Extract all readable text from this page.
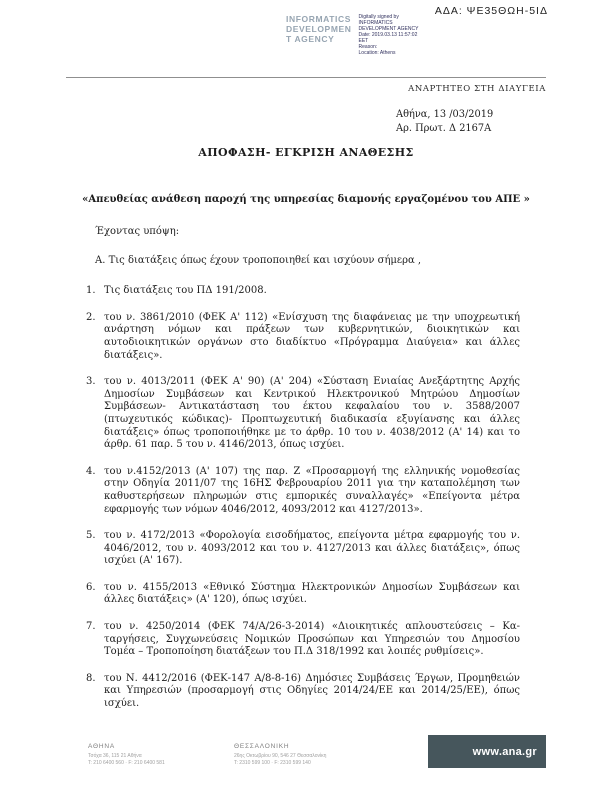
ΑΔΑ: ΨΕ35ΘΩΗ-5ΙΔ
INFORMATICS
DEVELOPMEN
T AGENCY
Digitally signed by
INFORMATICS
DEVELOPMENT AGENCY
Date: 2019.03.13 11:57:02
EET
Reason:
Location: Athens
ΑΝΑΡΤΗΤΕΟ ΣΤΗ ΔΙΑΥΓΕΙΑ
Αθήνα, 13 /03/2019
Αρ. Πρωτ. Δ 2167Α
ΑΠΟΦΑΣΗ- ΕΓΚΡΙΣΗ ΑΝΑΘΕΣΗΣ
«Απευθείας ανάθεση παροχή της υπηρεσίας διαμονής εργαζομένου του ΑΠΕ »

Έχοντας υπόψη:

Α. Τις διατάξεις όπως έχουν τροποποιηθεί και ισχύουν σήμερα ,

1. Τις διατάξεις του ΠΔ 191/2008.
2. του ν. 3861/2010 (ΦΕΚ Α' 112) «Ενίσχυση της διαφάνειας με την υποχρεωτική ανάρτηση νόμων και πράξεων των κυβερνητικών, διοικητικών και αυτοδιοικητικών οργάνων στο διαδίκτυο «Πρόγραμμα Διαύγεια» και άλλες διατάξεις».
3. του ν. 4013/2011 (ΦΕΚ Α' 90) (Α' 204) «Σύσταση Ενιαίας Ανεξάρτητης Αρχής Δημοσίων Συμβάσεων και Κεντρικού Ηλεκτρονικού Μητρώου Δημοσίων Συμβάσεων- Αντικατάσταση του έκτου κεφαλαίου του ν. 3588/2007 (πτωχευτικός κώδικας)- Προπτωχευτική διαδικασία εξυγίανσης και άλλες διατάξεις» όπως τροποποιήθηκε με το άρθρ. 10 του ν. 4038/2012 (Α' 14) και το άρθρ. 61 παρ. 5 του ν. 4146/2013, όπως ισχύει.
4. του ν.4152/2013 (Α' 107) της παρ. Ζ «Προσαρμογή της ελληνικής νομοθεσίας στην Οδηγία 2011/07 της 16ΗΣ Φεβρουαρίου 2011 για την καταπολέμηση των καθυστερήσεων πληρωμών στις εμπορικές συναλλαγές» «Επείγοντα μέτρα εφαρμογής των νόμων 4046/2012, 4093/2012 και 4127/2013».
5. του ν. 4172/2013 «Φορολογία εισοδήματος, επείγοντα μέτρα εφαρμογής του ν. 4046/2012, του ν. 4093/2012 και του ν. 4127/2013 και άλλες διατάξεις», όπως ισχύει (Α' 167).
6. του ν. 4155/2013 «Εθνικό Σύστημα Ηλεκτρονικών Δημοσίων Συμβάσεων και άλλες διατάξεις» (Α' 120), όπως ισχύει.
7. του ν. 4250/2014 (ΦΕΚ 74/Α/26-3-2014) «Διοικητικές απλουστεύσεις – Κα-ταργήσεις, Συγχωνεύσεις Νομικών Προσώπων και Υπηρεσιών του Δημοσίου Τομέα – Τροποποίηση διατάξεων του Π.Δ 318/1992 και λοιπές ρυθμίσεις».
8. του Ν. 4412/2016 (ΦΕΚ-147 Α/8-8-16) Δημόσιες Συμβάσεις Έργων, Προμηθειών και Υπηρεσιών (προσαρμογή στις Οδηγίες 2014/24/ΕΕ και 2014/25/ΕΕ), όπως ισχύει.
ΑΘΗΝΑ
Τσόχα 36, 115 21 Αθήνα
Τ: 210 6400 560 · F: 210 6400 581
ΘΕΣΣΑΛΟΝΙΚΗ
26ης Οκτωβρίου 90, 546 27 Θεσσαλονίκη
Τ: 2310 599 100 · F: 2310 599 140
www.ana.gr
